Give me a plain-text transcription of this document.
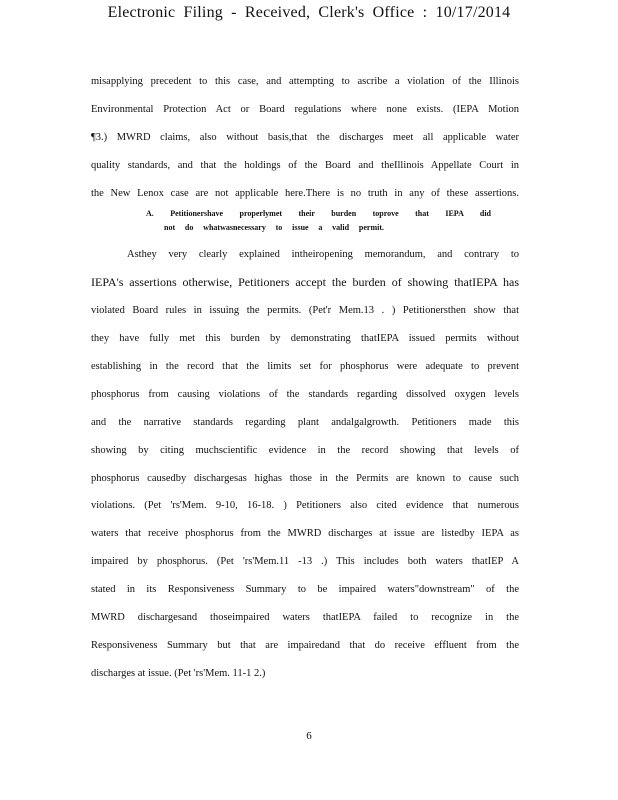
Electronic Filing - Received, Clerk's Office : 10/17/2014
misapplying precedent to this case, and attempting to ascribe a violation of the Illinois
Environmental Protection Act or Board regulations where none exists. (IEPA Motion
¶3.) MWRD claims, also without basis,that the discharges meet all applicable water
quality standards, and that the holdings of the Board and theIllinois Appellate Court in
the New Lenox case are not applicable here.There is no truth in any of these assertions.
A. Petitionershave properlymet their burden toprove that IEPA did
not do whatwasnecessary to issue a valid permit.
Asthey very clearly explained intheiropening memorandum, and contrary to
IEPA's assertions otherwise, Petitioners accept the burden of showing thatIEPA has
violated Board rules in issuing the permits. (Pet'r Mem.13 . ) Petitionersthen show that
they have fully met this burden by demonstrating thatIEPA issued permits without
establishing in the record that the limits set for phosphorus were adequate to prevent
phosphorus from causing violations of the standards regarding dissolved oxygen levels
and the narrative standards regarding plant andalgalgrowth. Petitioners made this
showing by citing muchscientific evidence in the record showing that levels of
phosphorus causedby dischargesas highas those in the Permits are known to cause such
violations. (Pet 'rs'Mem. 9-10, 16-18. ) Petitioners also cited evidence that numerous
waters that receive phosphorus from the MWRD discharges at issue are listedby IEPA as
impaired by phosphorus. (Pet 'rs'Mem.11 -13 .) This includes both waters thatIEP A
stated in its Responsiveness Summary to be impaired waters"downstream" of the
MWRD dischargesand thoseimpaired waters thatIEPA failed to recognize in the
Responsiveness Summary but that are impairedand that do receive effluent from the
discharges at issue. (Pet 'rs'Mem. 11-1 2.)
6
